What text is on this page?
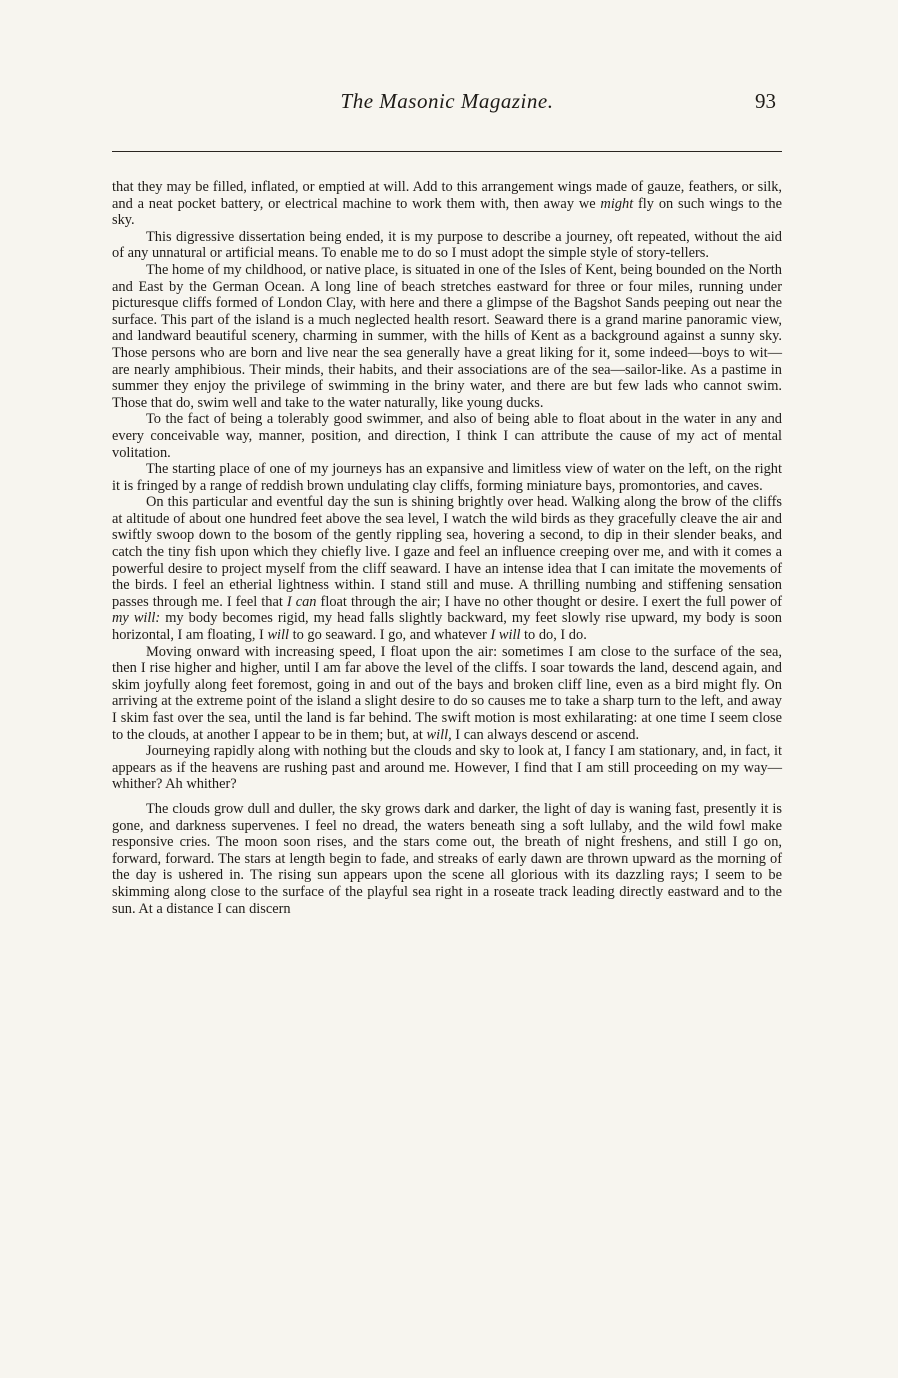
The Masonic Magazine.	93

that they may be filled, inflated, or emptied at will. Add to this arrangement wings made of gauze, feathers, or silk, and a neat pocket battery, or electrical machine to work them with, then away we might fly on such wings to the sky.

This digressive dissertation being ended, it is my purpose to describe a journey, oft repeated, without the aid of any unnatural or artificial means. To enable me to do so I must adopt the simple style of story-tellers.

The home of my childhood, or native place, is situated in one of the Isles of Kent, being bounded on the North and East by the German Ocean. A long line of beach stretches eastward for three or four miles, running under picturesque cliffs formed of London Clay, with here and there a glimpse of the Bagshot Sands peeping out near the surface. This part of the island is a much neglected health resort. Seaward there is a grand marine panoramic view, and landward beautiful scenery, charming in summer, with the hills of Kent as a background against a sunny sky. Those persons who are born and live near the sea generally have a great liking for it, some indeed—boys to wit—are nearly amphibious. Their minds, their habits, and their associations are of the sea—sailor-like. As a pastime in summer they enjoy the privilege of swimming in the briny water, and there are but few lads who cannot swim. Those that do, swim well and take to the water naturally, like young ducks.

To the fact of being a tolerably good swimmer, and also of being able to float about in the water in any and every conceivable way, manner, position, and direction, I think I can attribute the cause of my act of mental volitation.

The starting place of one of my journeys has an expansive and limitless view of water on the left, on the right it is fringed by a range of reddish brown undulating clay cliffs, forming miniature bays, promontories, and caves.

On this particular and eventful day the sun is shining brightly over head. Walking along the brow of the cliffs at altitude of about one hundred feet above the sea level, I watch the wild birds as they gracefully cleave the air and swiftly swoop down to the bosom of the gently rippling sea, hovering a second, to dip in their slender beaks, and catch the tiny fish upon which they chiefly live. I gaze and feel an influence creeping over me, and with it comes a powerful desire to project myself from the cliff seaward. I have an intense idea that I can imitate the movements of the birds. I feel an etherial lightness within. I stand still and muse. A thrilling numbing and stiffening sensation passes through me. I feel that I can float through the air; I have no other thought or desire. I exert the full power of my will: my body becomes rigid, my head falls slightly backward, my feet slowly rise upward, my body is soon horizontal, I am floating, I will to go seaward. I go, and whatever I will to do, I do.

Moving onward with increasing speed, I float upon the air: sometimes I am close to the surface of the sea, then I rise higher and higher, until I am far above the level of the cliffs. I soar towards the land, descend again, and skim joyfully along feet foremost, going in and out of the bays and broken cliff line, even as a bird might fly. On arriving at the extreme point of the island a slight desire to do so causes me to take a sharp turn to the left, and away I skim fast over the sea, until the land is far behind. The swift motion is most exhilarating: at one time I seem close to the clouds, at another I appear to be in them; but, at will, I can always descend or ascend.

Journeying rapidly along with nothing but the clouds and sky to look at, I fancy I am stationary, and, in fact, it appears as if the heavens are rushing past and around me. However, I find that I am still proceeding on my way—whither? Ah whither?

The clouds grow dull and duller, the sky grows dark and darker, the light of day is waning fast, presently it is gone, and darkness supervenes. I feel no dread, the waters beneath sing a soft lullaby, and the wild fowl make responsive cries. The moon soon rises, and the stars come out, the breath of night freshens, and still I go on, forward, forward. The stars at length begin to fade, and streaks of early dawn are thrown upward as the morning of the day is ushered in. The rising sun appears upon the scene all glorious with its dazzling rays; I seem to be skimming along close to the surface of the playful sea right in a roseate track leading directly eastward and to the sun. At a distance I can discern
